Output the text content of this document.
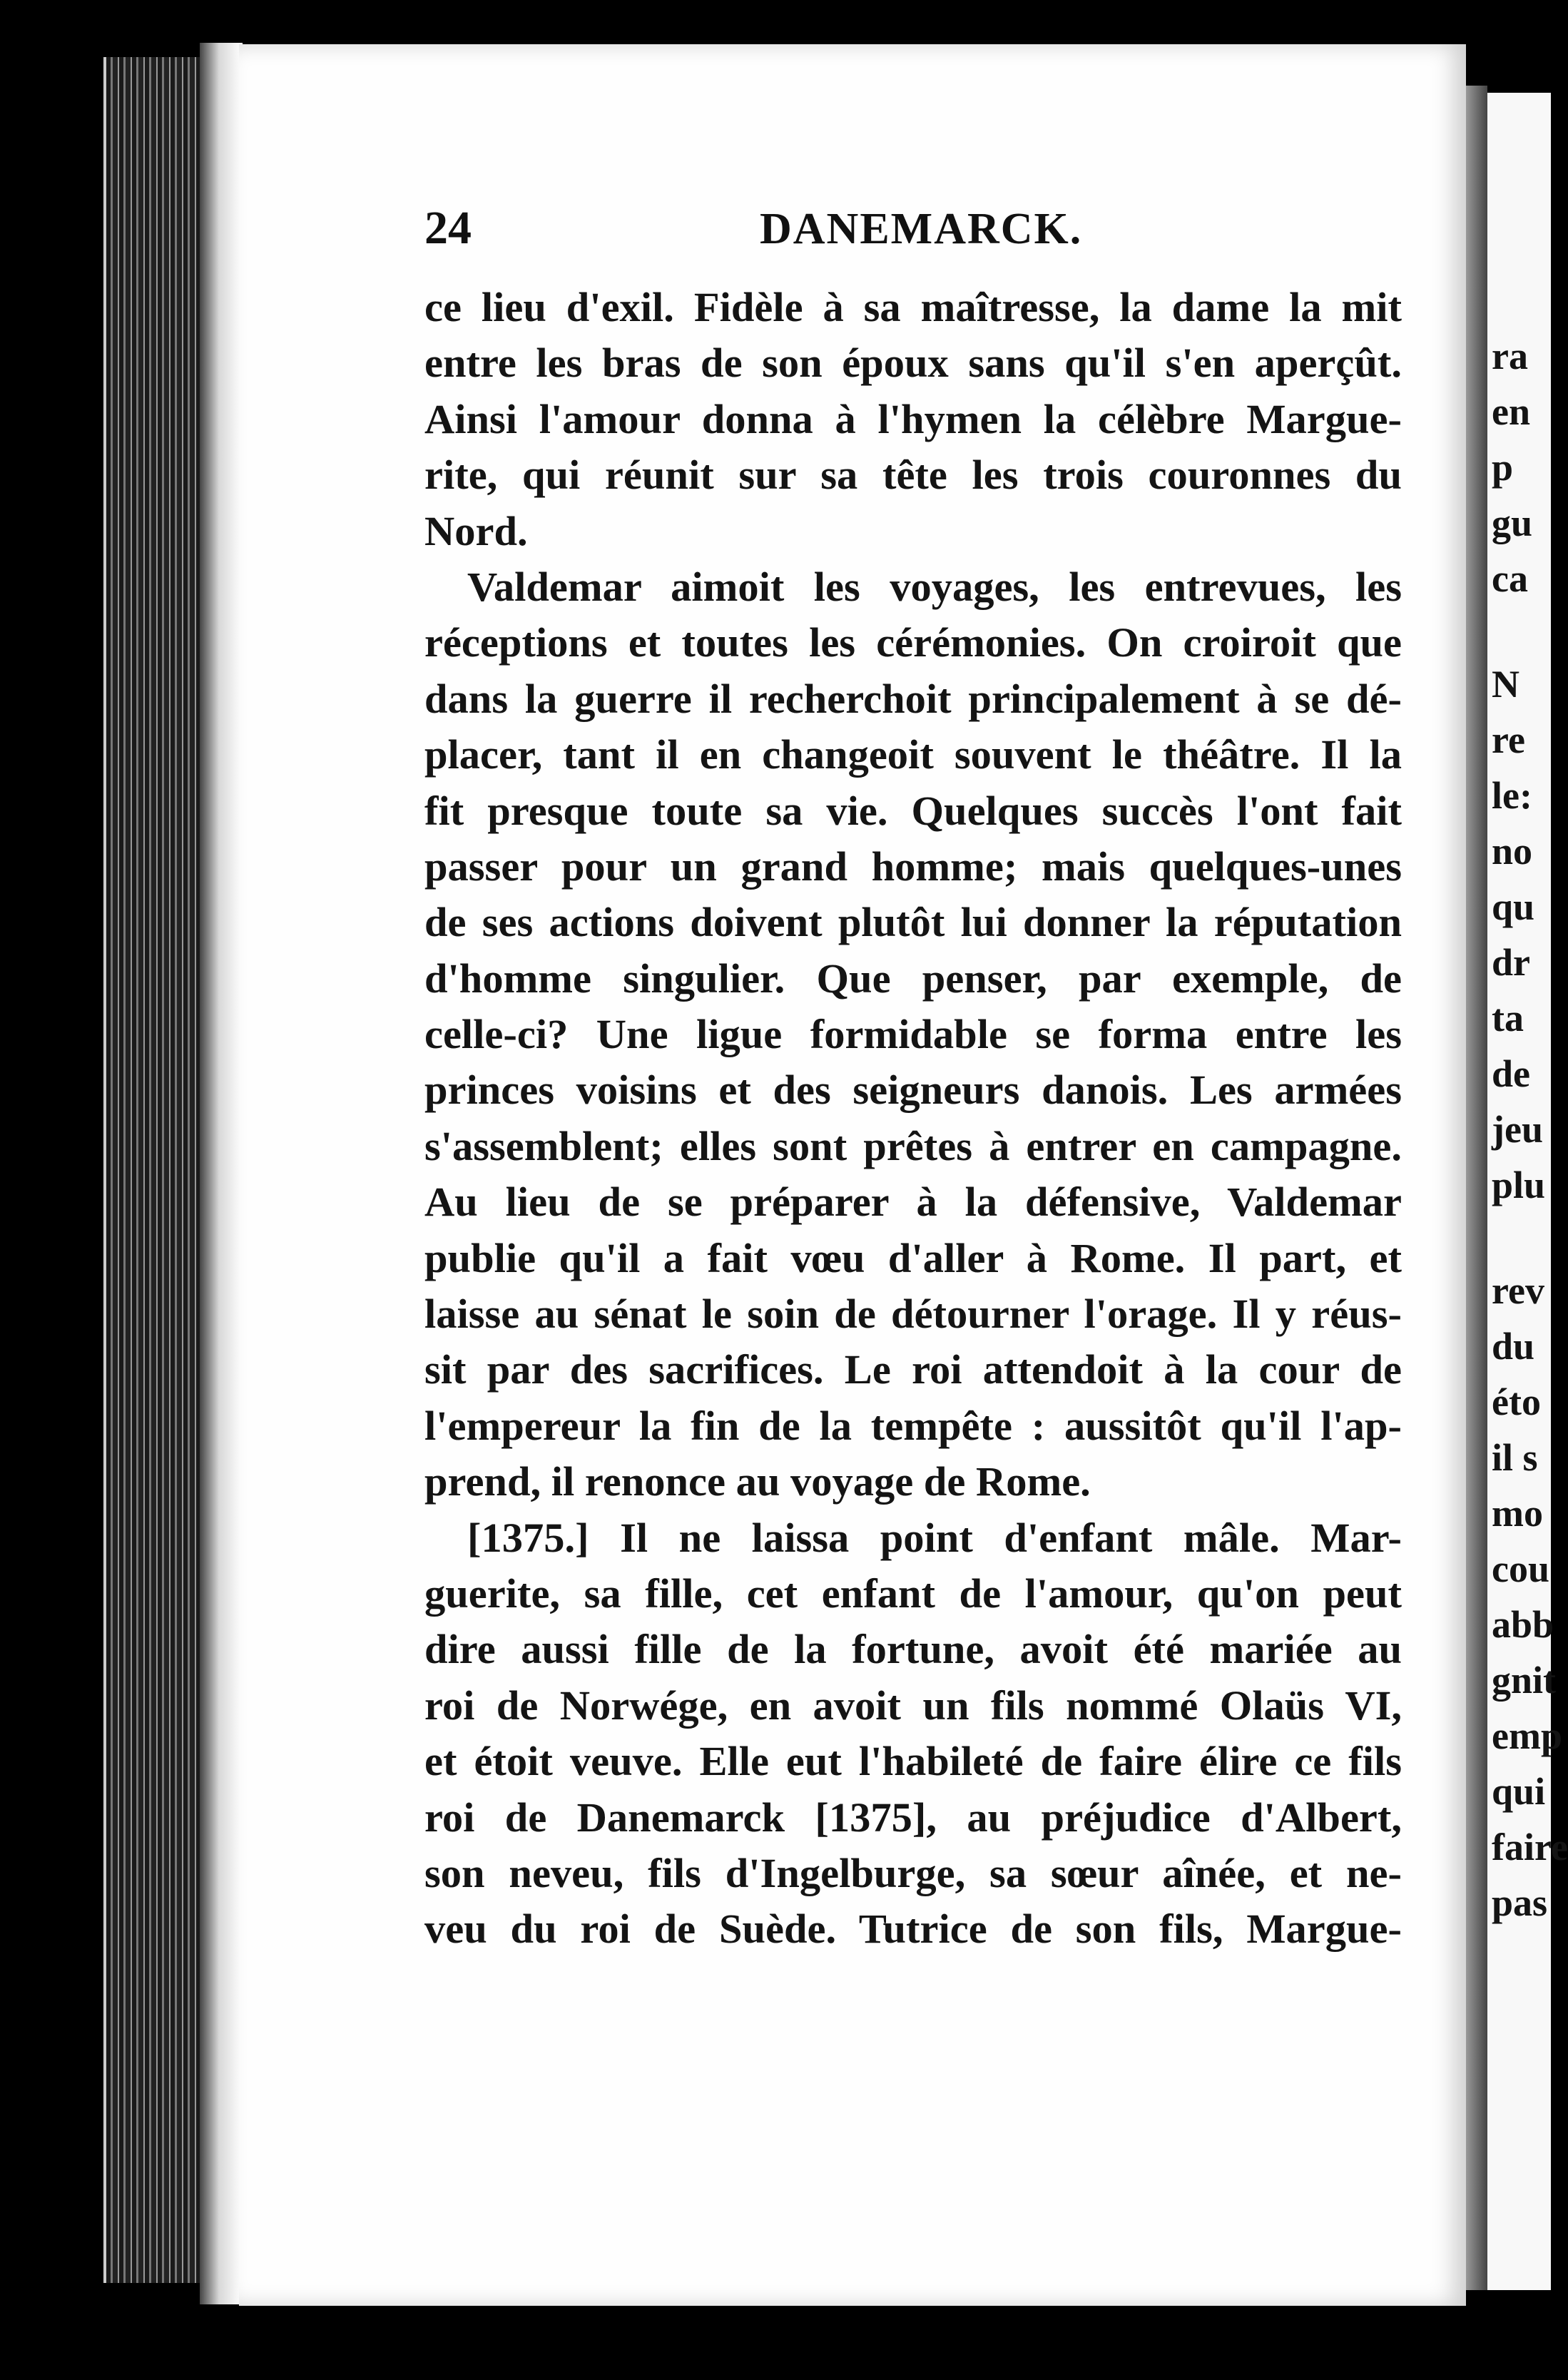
24	DANEMARCK.
ce lieu d'exil. Fidèle à sa maîtresse, la dame la mit
entre les bras de son époux sans qu'il s'en aperçût.
Ainsi l'amour donna à l'hymen la célèbre Margue-
rite, qui réunit sur sa tête les trois couronnes du
Nord.
Valdemar aimoit les voyages, les entrevues, les
réceptions et toutes les cérémonies. On croiroit que
dans la guerre il recherchoit principalement à se dé-
placer, tant il en changeoit souvent le théâtre. Il la
fit presque toute sa vie. Quelques succès l'ont fait
passer pour un grand homme; mais quelques-unes
de ses actions doivent plutôt lui donner la réputation
d'homme singulier. Que penser, par exemple, de
celle-ci? Une ligue formidable se forma entre les
princes voisins et des seigneurs danois. Les armées
s'assemblent; elles sont prêtes à entrer en campagne.
Au lieu de se préparer à la défensive, Valdemar
publie qu'il a fait vœu d'aller à Rome. Il part, et
laisse au sénat le soin de détourner l'orage. Il y réus-
sit par des sacrifices. Le roi attendoit à la cour de
l'empereur la fin de la tempête : aussitôt qu'il l'ap-
prend, il renonce au voyage de Rome.
[1375.] Il ne laissa point d'enfant mâle. Mar-
guerite, sa fille, cet enfant de l'amour, qu'on peut
dire aussi fille de la fortune, avoit été mariée au
roi de Norwége, en avoit un fils nommé Olaüs VI,
et étoit veuve. Elle eut l'habileté de faire élire ce fils
roi de Danemarck [1375], au préjudice d'Albert,
son neveu, fils d'Ingelburge, sa sœur aînée, et ne-
veu du roi de Suède. Tutrice de son fils, Margue-
ra
en
p
gu
ca
N
re
le:
no
qu
dr
ta
de
jeu
plu
rev
du
éto
il s
mo
cou
abb
gnit
emp
qui
faire
pas
